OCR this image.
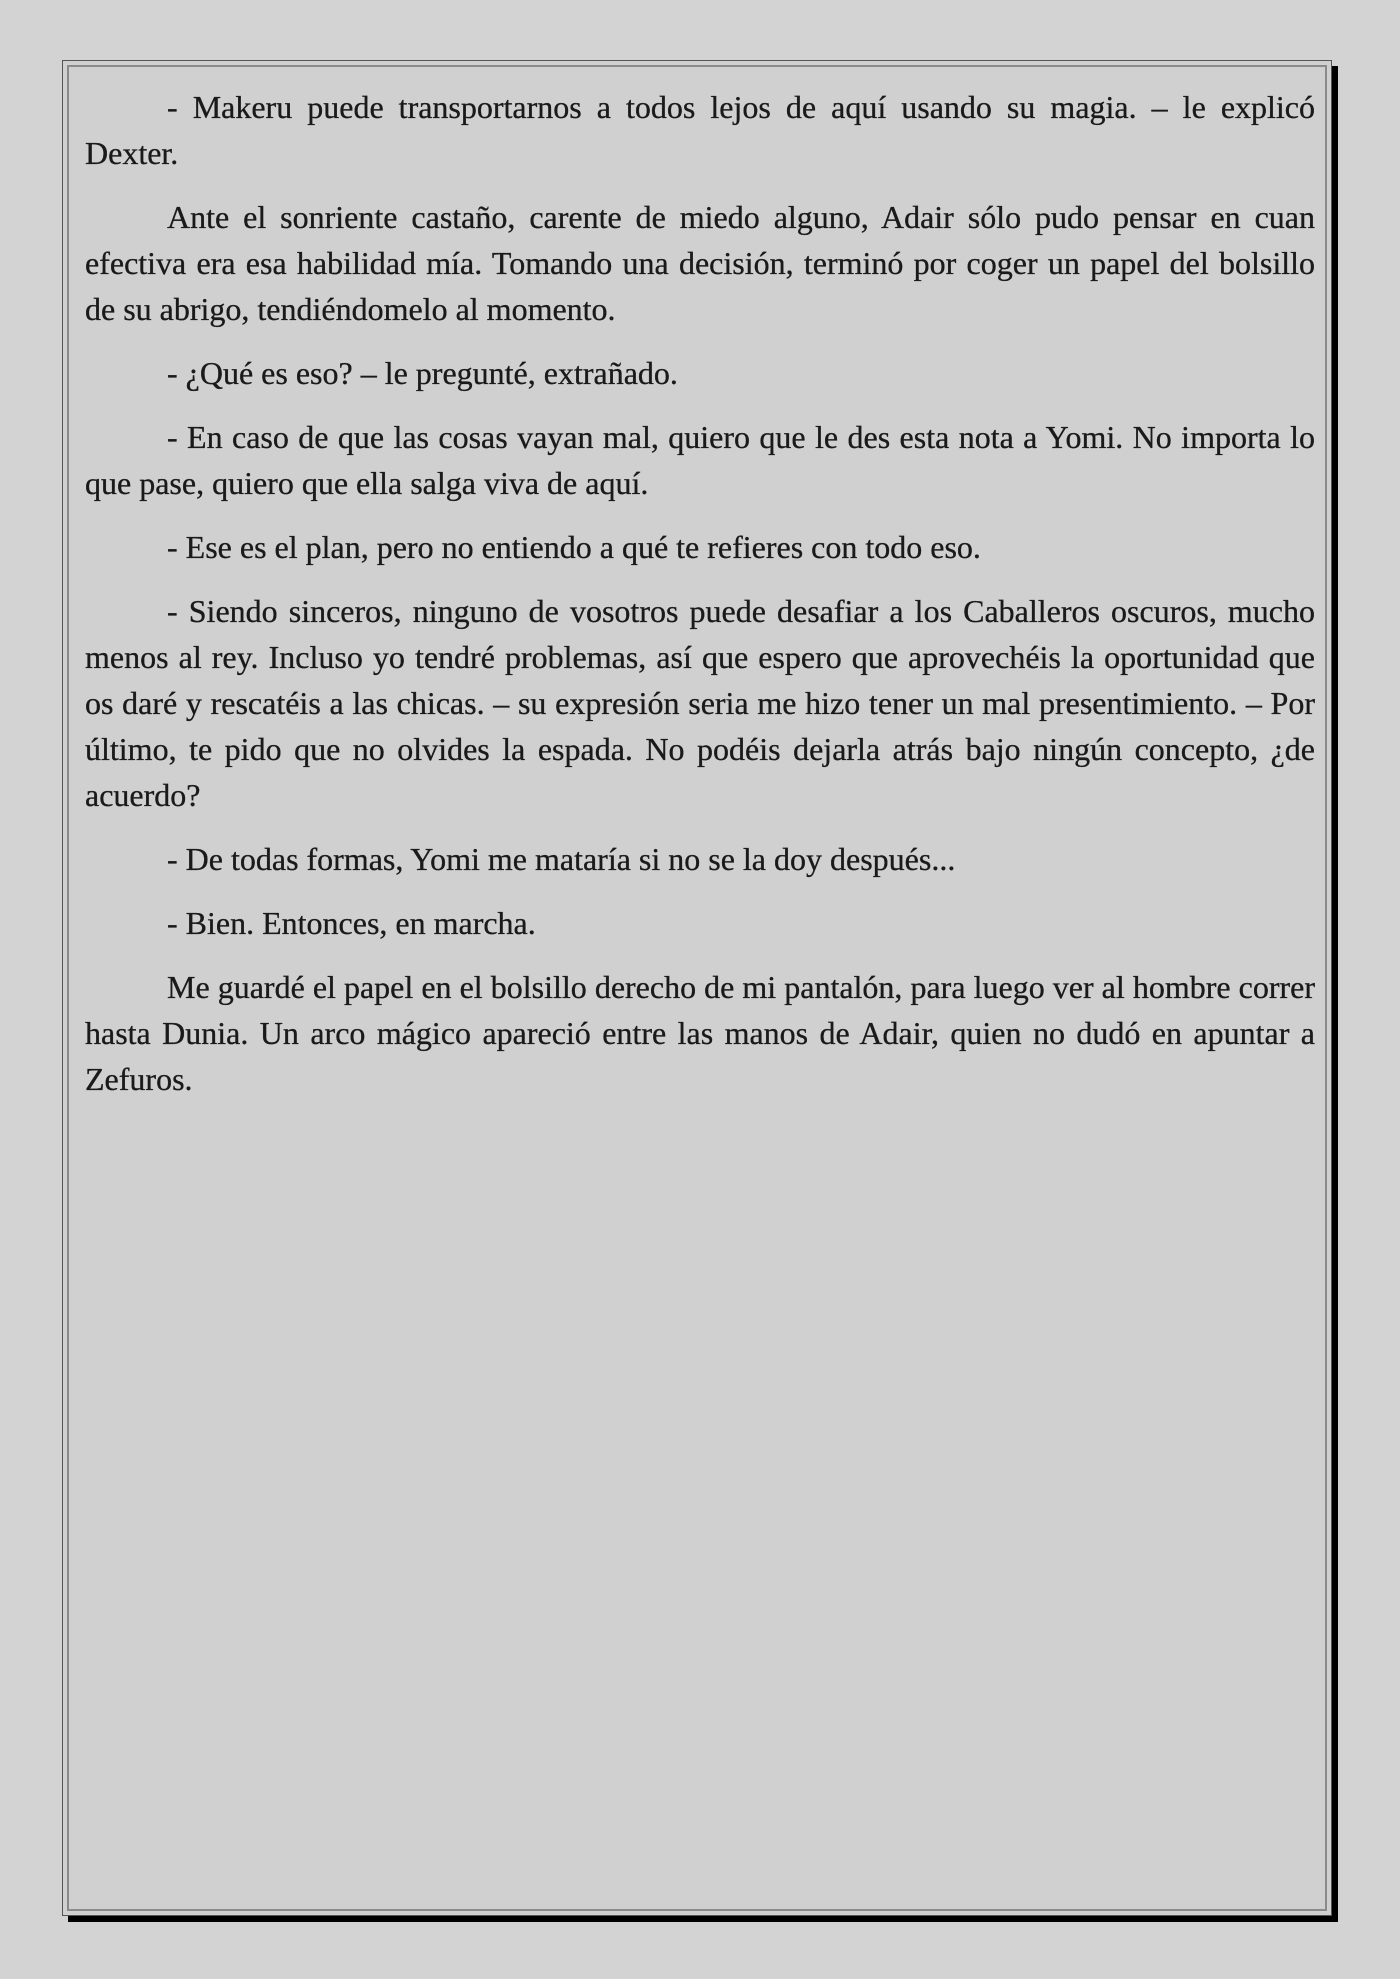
- Makeru puede transportarnos a todos lejos de aquí usando su magia. – le explicó Dexter.

Ante el sonriente castaño, carente de miedo alguno, Adair sólo pudo pensar en cuan efectiva era esa habilidad mía. Tomando una decisión, terminó por coger un papel del bolsillo de su abrigo, tendiéndomelo al momento.

- ¿Qué es eso? – le pregunté, extrañado.

- En caso de que las cosas vayan mal, quiero que le des esta nota a Yomi. No importa lo que pase, quiero que ella salga viva de aquí.

- Ese es el plan, pero no entiendo a qué te refieres con todo eso.

- Siendo sinceros, ninguno de vosotros puede desafiar a los Caballeros oscuros, mucho menos al rey. Incluso yo tendré problemas, así que espero que aprovechéis la oportunidad que os daré y rescatéis a las chicas. – su expresión seria me hizo tener un mal presentimiento. – Por último, te pido que no olvides la espada. No podéis dejarla atrás bajo ningún concepto, ¿de acuerdo?

- De todas formas, Yomi me mataría si no se la doy después...

- Bien. Entonces, en marcha.

Me guardé el papel en el bolsillo derecho de mi pantalón, para luego ver al hombre correr hasta Dunia. Un arco mágico apareció entre las manos de Adair, quien no dudó en apuntar a Zefuros.
